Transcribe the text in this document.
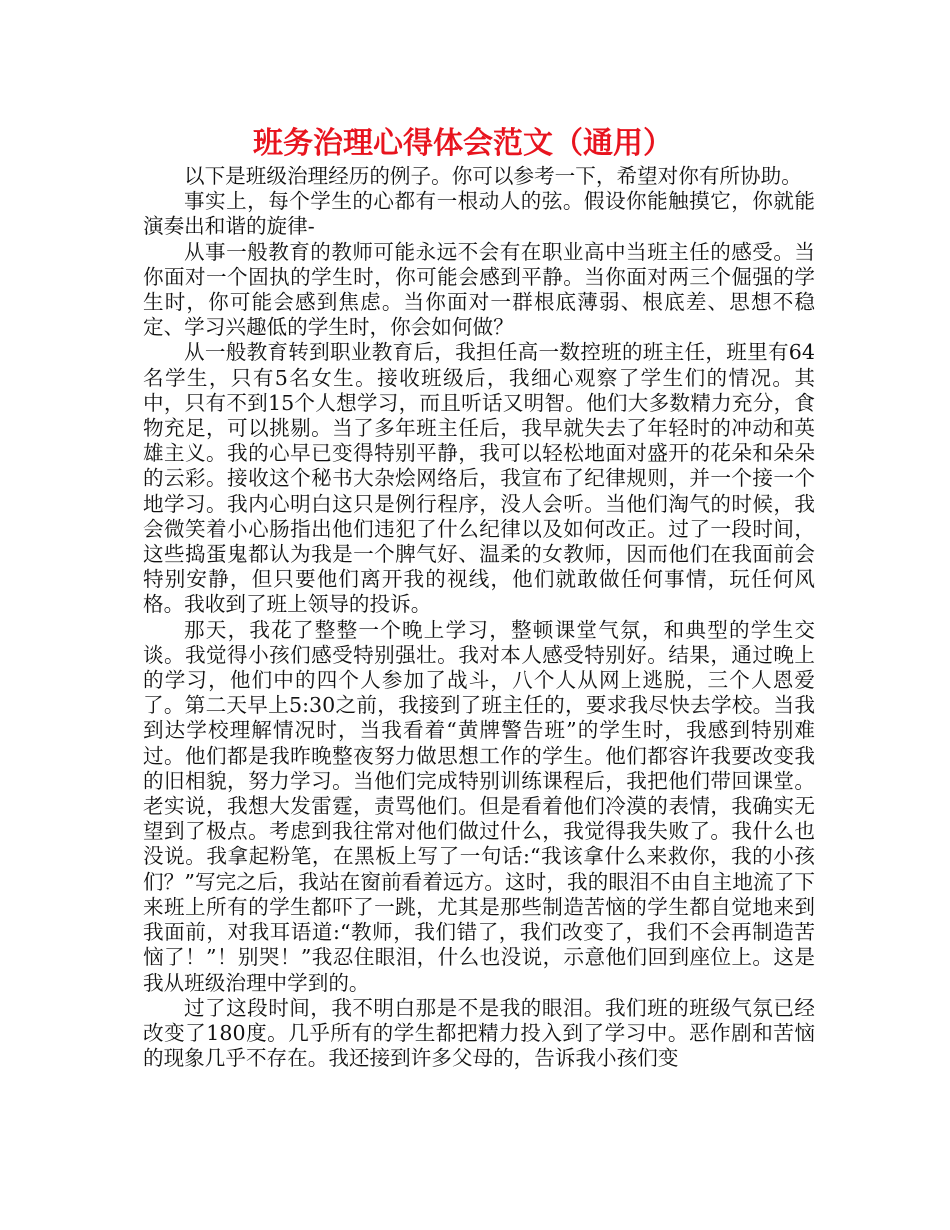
班务治理心得体会范文（通用）

以下是班级治理经历的例子。你可以参考一下，希望对你有所协助。

事实上，每个学生的心都有一根动人的弦。假设你能触摸它，你就能演奏出和谐的旋律-

从事一般教育的教师可能永远不会有在职业高中当班主任的感受。当你面对一个固执的学生时，你可能会感到平静。当你面对两三个倔强的学生时，你可能会感到焦虑。当你面对一群根底薄弱、根底差、思想不稳定、学习兴趣低的学生时，你会如何做？

从一般教育转到职业教育后，我担任高一数控班的班主任，班里有64名学生，只有5名女生。接收班级后，我细心观察了学生们的情况。其中，只有不到15个人想学习，而且听话又明智。他们大多数精力充分，食物充足，可以挑剔。当了多年班主任后，我早就失去了年轻时的冲动和英雄主义。我的心早已变得特别平静，我可以轻松地面对盛开的花朵和朵朵的云彩。接收这个秘书大杂烩网络后，我宣布了纪律规则，并一个接一个地学习。我内心明白这只是例行程序，没人会听。当他们淘气的时候，我会微笑着小心肠指出他们违犯了什么纪律以及如何改正。过了一段时间，这些捣蛋鬼都认为我是一个脾气好、温柔的女教师，因而他们在我面前会特别安静，但只要他们离开我的视线，他们就敢做任何事情，玩任何风格。我收到了班上领导的投诉。

那天，我花了整整一个晚上学习，整顿课堂气氛，和典型的学生交谈。我觉得小孩们感受特别强壮。我对本人感受特别好。结果，通过晚上的学习，他们中的四个人参加了战斗，八个人从网上逃脱，三个人恩爱了。第二天早上5:30之前，我接到了班主任的，要求我尽快去学校。当我到达学校理解情况时，当我看着“黄牌警告班”的学生时，我感到特别难过。他们都是我昨晚整夜努力做思想工作的学生。他们都容许我要改变我的旧相貌，努力学习。当他们完成特别训练课程后，我把他们带回课堂。老实说，我想大发雷霆，责骂他们。但是看着他们冷漠的表情，我确实无望到了极点。考虑到我往常对他们做过什么，我觉得我失败了。我什么也没说。我拿起粉笔，在黑板上写了一句话:“我该拿什么来救你，我的小孩们？”写完之后，我站在窗前看着远方。这时，我的眼泪不由自主地流了下来班上所有的学生都吓了一跳，尤其是那些制造苦恼的学生都自觉地来到我面前，对我耳语道:“教师，我们错了，我们改变了，我们不会再制造苦恼了！”！别哭！”我忍住眼泪，什么也没说，示意他们回到座位上。这是我从班级治理中学到的。

过了这段时间，我不明白那是不是我的眼泪。我们班的班级气氛已经改变了180度。几乎所有的学生都把精力投入到了学习中。恶作剧和苦恼的现象几乎不存在。我还接到许多父母的，告诉我小孩们变
